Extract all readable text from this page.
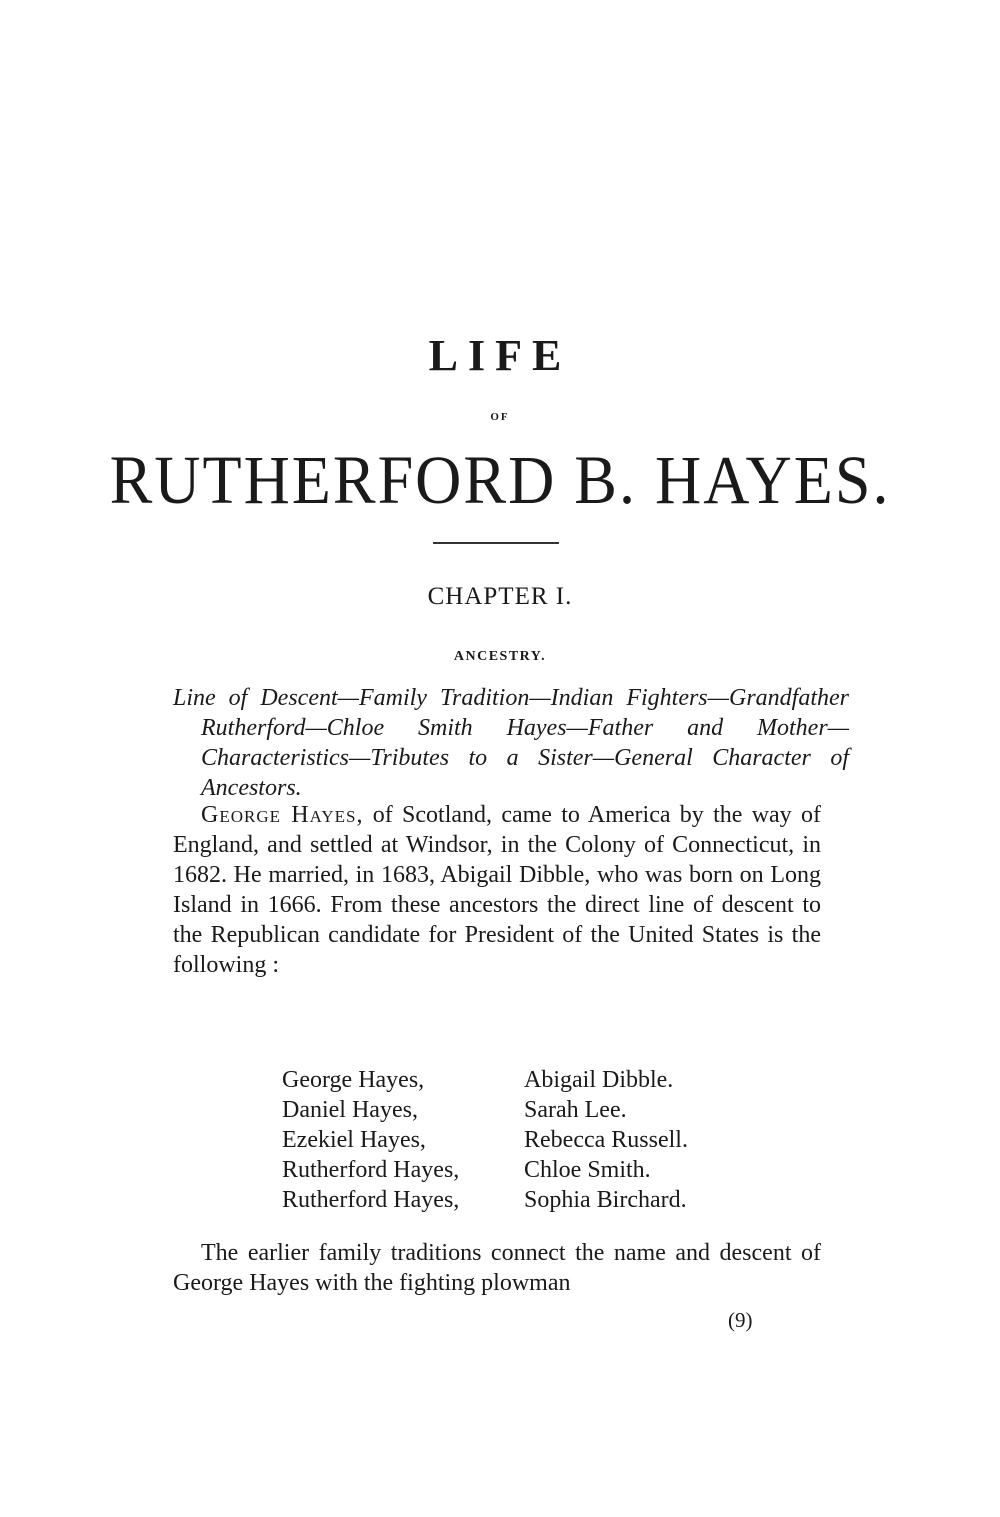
LIFE
OF
RUTHERFORD B. HAYES.
CHAPTER I.
ANCESTRY.
Line of Descent—Family Tradition—Indian Fighters—Grandfather Rutherford—Chloe Smith Hayes—Father and Mother—Characteristics—Tributes to a Sister—General Character of Ancestors.
George Hayes, of Scotland, came to America by the way of England, and settled at Windsor, in the Colony of Connecticut, in 1682. He married, in 1683, Abigail Dibble, who was born on Long Island in 1666. From these ancestors the direct line of descent to the Republican candidate for President of the United States is the following :
George Hayes,	Abigail Dibble.
Daniel Hayes,	Sarah Lee.
Ezekiel Hayes,	Rebecca Russell.
Rutherford Hayes,	Chloe Smith.
Rutherford Hayes,	Sophia Birchard.
The earlier family traditions connect the name and descent of George Hayes with the fighting plowman
(9)
